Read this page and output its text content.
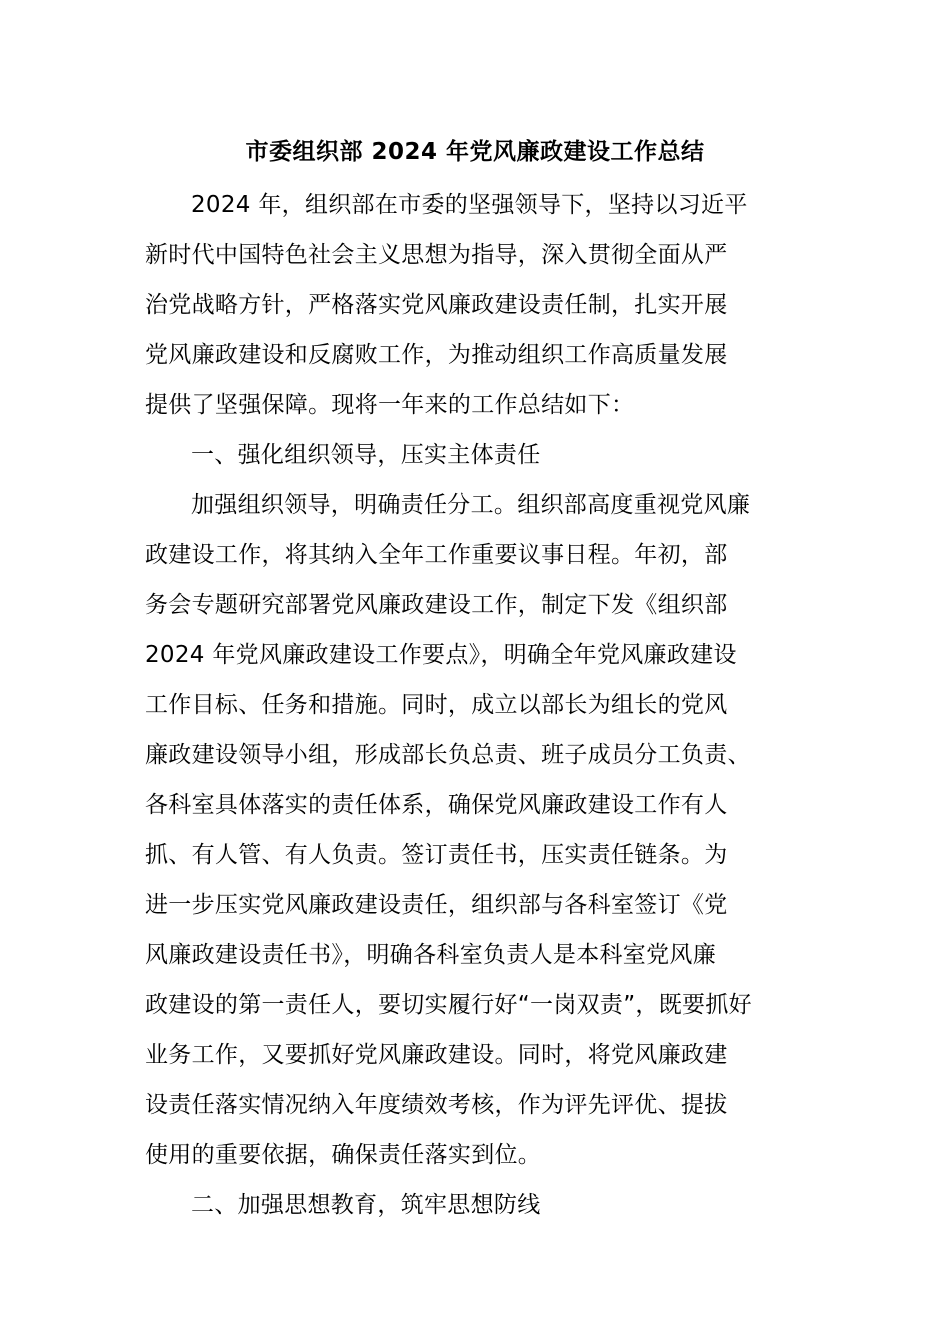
市委组织部 2024 年党风廉政建设工作总结
2024 年，组织部在市委的坚强领导下，坚持以习近平
新时代中国特色社会主义思想为指导，深入贯彻全面从严
治党战略方针，严格落实党风廉政建设责任制，扎实开展
党风廉政建设和反腐败工作，为推动组织工作高质量发展
提供了坚强保障。现将一年来的工作总结如下：
一、强化组织领导，压实主体责任
加强组织领导，明确责任分工。组织部高度重视党风廉
政建设工作，将其纳入全年工作重要议事日程。年初，部
务会专题研究部署党风廉政建设工作，制定下发《组织部
2024 年党风廉政建设工作要点》，明确全年党风廉政建设
工作目标、任务和措施。同时，成立以部长为组长的党风
廉政建设领导小组，形成部长负总责、班子成员分工负责、
各科室具体落实的责任体系，确保党风廉政建设工作有人
抓、有人管、有人负责。签订责任书，压实责任链条。为
进一步压实党风廉政建设责任，组织部与各科室签订《党
风廉政建设责任书》，明确各科室负责人是本科室党风廉
政建设的第一责任人，要切实履行好“一岗双责”，既要抓好
业务工作，又要抓好党风廉政建设。同时，将党风廉政建
设责任落实情况纳入年度绩效考核，作为评先评优、提拔
使用的重要依据，确保责任落实到位。
二、加强思想教育，筑牢思想防线
